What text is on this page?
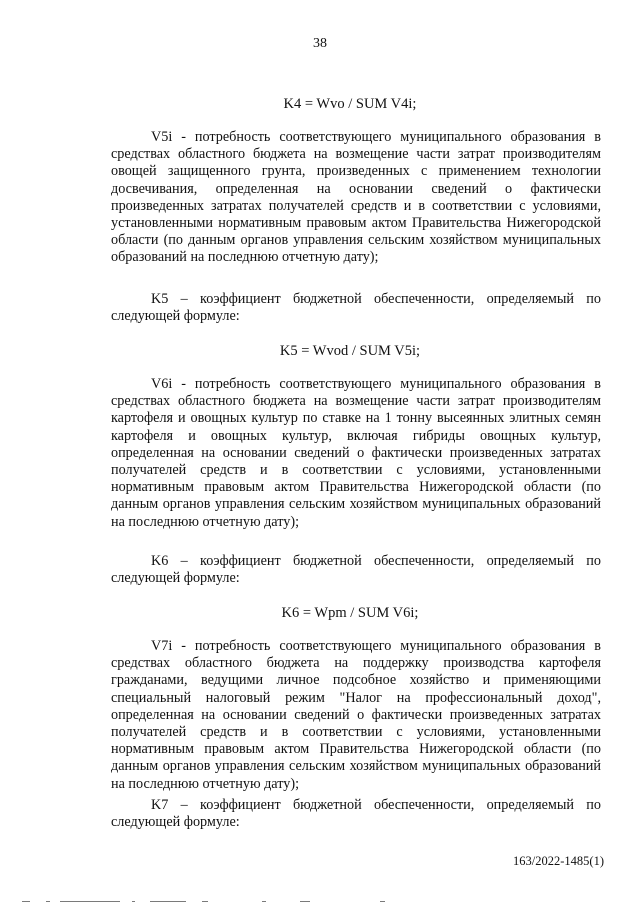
38
K4 = Wvo / SUM V4i;

V5i - потребность соответствующего муниципального образования в средствах областного бюджета на возмещение части затрат производителям овощей защищенного грунта, произведенных с применением технологии досвечивания, определенная на основании сведений о фактически произведенных затратах получателей средств и в соответствии с условиями, установленными нормативным правовым актом Правительства Нижегородской области (по данным органов управления сельским хозяйством муниципальных образований на последнюю отчетную дату);

K5 – коэффициент бюджетной обеспеченности, определяемый по следующей формуле:

K5 = Wvod / SUM V5i;

V6i - потребность соответствующего муниципального образования в средствах областного бюджета на возмещение части затрат производителям картофеля и овощных культур по ставке на 1 тонну высеянных элитных семян картофеля и овощных культур, включая гибриды овощных культур, определенная на основании сведений о фактически произведенных затратах получателей средств и в соответствии с условиями, установленными нормативным правовым актом Правительства Нижегородской области (по данным органов управления сельским хозяйством муниципальных образований на последнюю отчетную дату);

K6 – коэффициент бюджетной обеспеченности, определяемый по следующей формуле:

K6 = Wpm / SUM V6i;

V7i - потребность соответствующего муниципального образования в средствах областного бюджета на поддержку производства картофеля гражданами, ведущими личное подсобное хозяйство и применяющими специальный налоговый режим "Налог на профессиональный доход", определенная на основании сведений о фактически произведенных затратах получателей средств и в соответствии с условиями, установленными нормативным правовым актом Правительства Нижегородской области (по данным органов управления сельским хозяйством муниципальных образований на последнюю отчетную дату);

K7 – коэффициент бюджетной обеспеченности, определяемый по следующей формуле:

163/2022-1485(1)
